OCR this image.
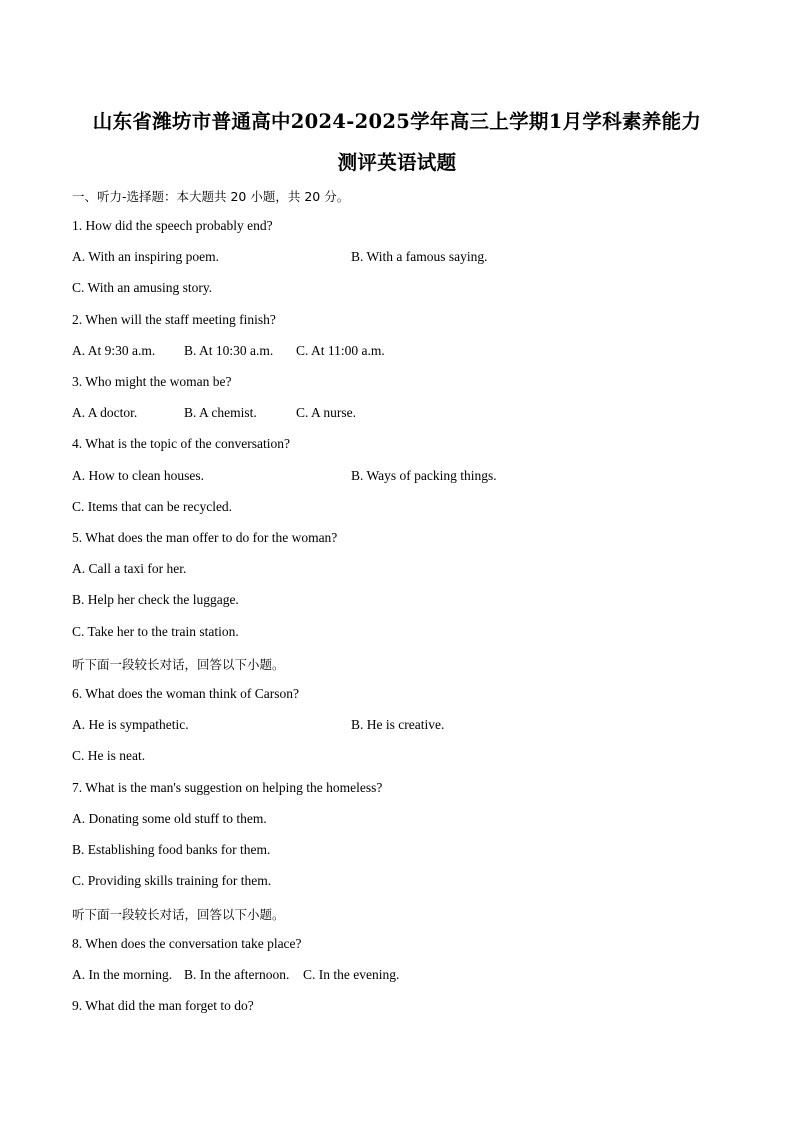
山东省潍坊市普通高中2024-2025学年高三上学期1月学科素养能力
测评英语试题
一、听力-选择题：本大题共 20 小题，共 20 分。
1. How did the speech probably end?
A. With an inspiring poem.	B. With a famous saying.
C. With an amusing story.
2. When will the staff meeting finish?
A. At 9:30 a.m. B. At 10:30 a.m. C. At 11:00 a.m.
3. Who might the woman be?
A. A doctor.	B. A chemist.	C. A nurse.
4. What is the topic of the conversation?
A. How to clean houses.	B. Ways of packing things.
C. Items that can be recycled.
5. What does the man offer to do for the woman?
A. Call a taxi for her.
B. Help her check the luggage.
C. Take her to the train station.
听下面一段较长对话，回答以下小题。
6. What does the woman think of Carson?
A. He is sympathetic.	B. He is creative.
C. He is neat.
7. What is the man's suggestion on helping the homeless?
A. Donating some old stuff to them.
B. Establishing food banks for them.
C. Providing skills training for them.
听下面一段较长对话，回答以下小题。
8. When does the conversation take place?
A. In the morning. B. In the afternoon. C. In the evening.
9. What did the man forget to do?
